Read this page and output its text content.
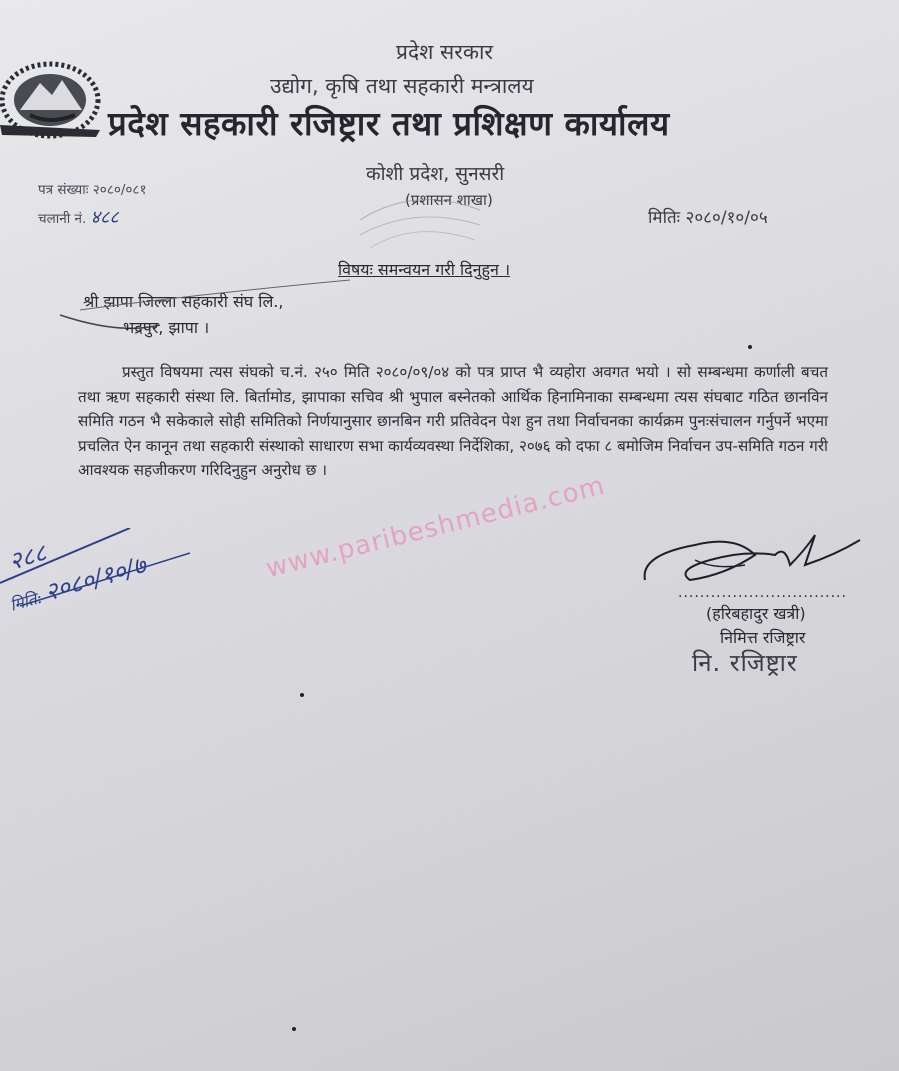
प्रदेश सरकार
उद्योग, कृषि तथा सहकारी मन्त्रालय
प्रदेश सहकारी रजिष्ट्रार तथा प्रशिक्षण कार्यालय
कोशी प्रदेश, सुनसरी
(प्रशासन शाखा)
पत्र संख्याः २०८०/०८१
चलानी नं. ४८८	मितिः २०८०/१०/०५
विषयः समन्वयन गरी दिनुहुन ।
श्री झापा जिल्ला सहकारी संघ लि.,
भद्रपुर, झापा ।

प्रस्तुत विषयमा त्यस संघको च.नं. २५० मिति २०८०/०९/०४ को पत्र प्राप्त भै व्यहोरा अवगत भयो । सो सम्बन्धमा कर्णाली बचत तथा ऋण सहकारी संस्था लि. बिर्तामोड, झापाका सचिव श्री भुपाल बस्नेतको आर्थिक हिनामिनाका सम्बन्धमा त्यस संघबाट गठित छानविन समिति गठन भै सकेकाले सोही समितिको निर्णयानुसार छानबिन गरी प्रतिवेदन पेश हुन तथा निर्वाचनका कार्यक्रम पुनःसंचालन गर्नुपर्ने भएमा प्रचलित ऐन कानून तथा सहकारी संस्थाको साधारण सभा कार्यव्यवस्था निर्देशिका, २०७६ को दफा ८ बमोजिम निर्वाचन उप-समिति गठन गरी आवश्यक सहजीकरण गरिदिनुहुन अनुरोध छ ।

२८८
मिति: २०८०/१०/७	www.paribeshmedia.com
...............................
(हरिबहादुर खत्री)
निमित्त रजिष्ट्रार
नि. रजिष्ट्रार
